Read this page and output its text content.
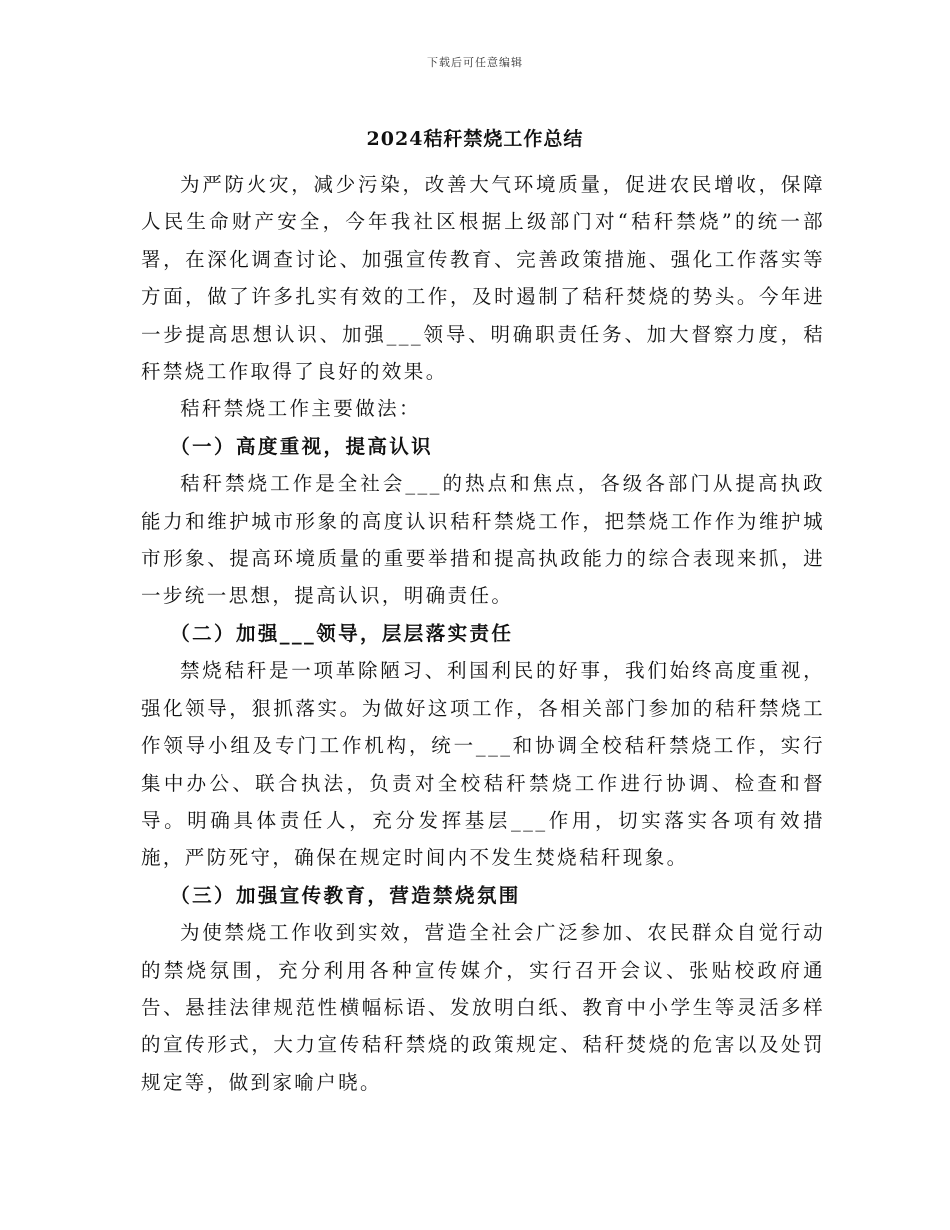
下载后可任意编辑
2024秸秆禁烧工作总结

为严防火灾，减少污染，改善大气环境质量，促进农民增收，保障人民生命财产安全，今年我社区根据上级部门对“秸秆禁烧”的统一部署，在深化调查讨论、加强宣传教育、完善政策措施、强化工作落实等方面，做了许多扎实有效的工作，及时遏制了秸秆焚烧的势头。今年进一步提高思想认识、加强___领导、明确职责任务、加大督察力度，秸秆禁烧工作取得了良好的效果。

秸秆禁烧工作主要做法：

（一）高度重视，提高认识

秸秆禁烧工作是全社会___的热点和焦点，各级各部门从提高执政能力和维护城市形象的高度认识秸秆禁烧工作，把禁烧工作作为维护城市形象、提高环境质量的重要举措和提高执政能力的综合表现来抓，进一步统一思想，提高认识，明确责任。

（二）加强___领导，层层落实责任

禁烧秸秆是一项革除陋习、利国利民的好事，我们始终高度重视，强化领导，狠抓落实。为做好这项工作，各相关部门参加的秸秆禁烧工作领导小组及专门工作机构，统一___和协调全校秸秆禁烧工作，实行集中办公、联合执法，负责对全校秸秆禁烧工作进行协调、检查和督导。明确具体责任人，充分发挥基层___作用，切实落实各项有效措施，严防死守，确保在规定时间内不发生焚烧秸秆现象。

（三）加强宣传教育，营造禁烧氛围

为使禁烧工作收到实效，营造全社会广泛参加、农民群众自觉行动的禁烧氛围，充分利用各种宣传媒介，实行召开会议、张贴校政府通告、悬挂法律规范性横幅标语、发放明白纸、教育中小学生等灵活多样的宣传形式，大力宣传秸秆禁烧的政策规定、秸秆焚烧的危害以及处罚规定等，做到家喻户晓。
